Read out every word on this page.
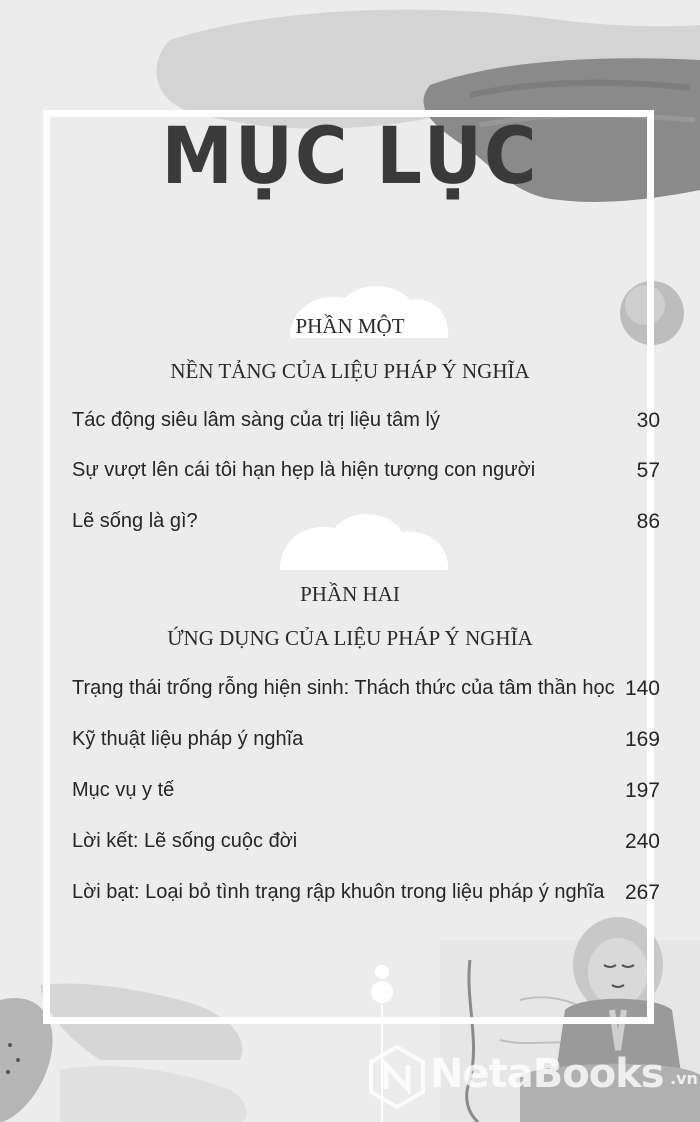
MỤC LỤC
PHẦN MỘT
NỀN TẢNG CỦA LIỆU PHÁP Ý NGHĨA
Tác động siêu lâm sàng của trị liệu tâm lý	30
Sự vượt lên cái tôi hạn hẹp là hiện tượng con người	57
Lẽ sống là gì?	86
PHẦN HAI
ỨNG DỤNG CỦA LIỆU PHÁP Ý NGHĨA
Trạng thái trống rỗng hiện sinh: Thách thức của tâm thần học 140
Kỹ thuật liệu pháp ý nghĩa	169
Mục vụ y tế	197
Lời kết: Lẽ sống cuộc đời	240
Lời bạt: Loại bỏ tình trạng rập khuôn trong liệu pháp ý nghĩa 267
NetaBooks .vn
